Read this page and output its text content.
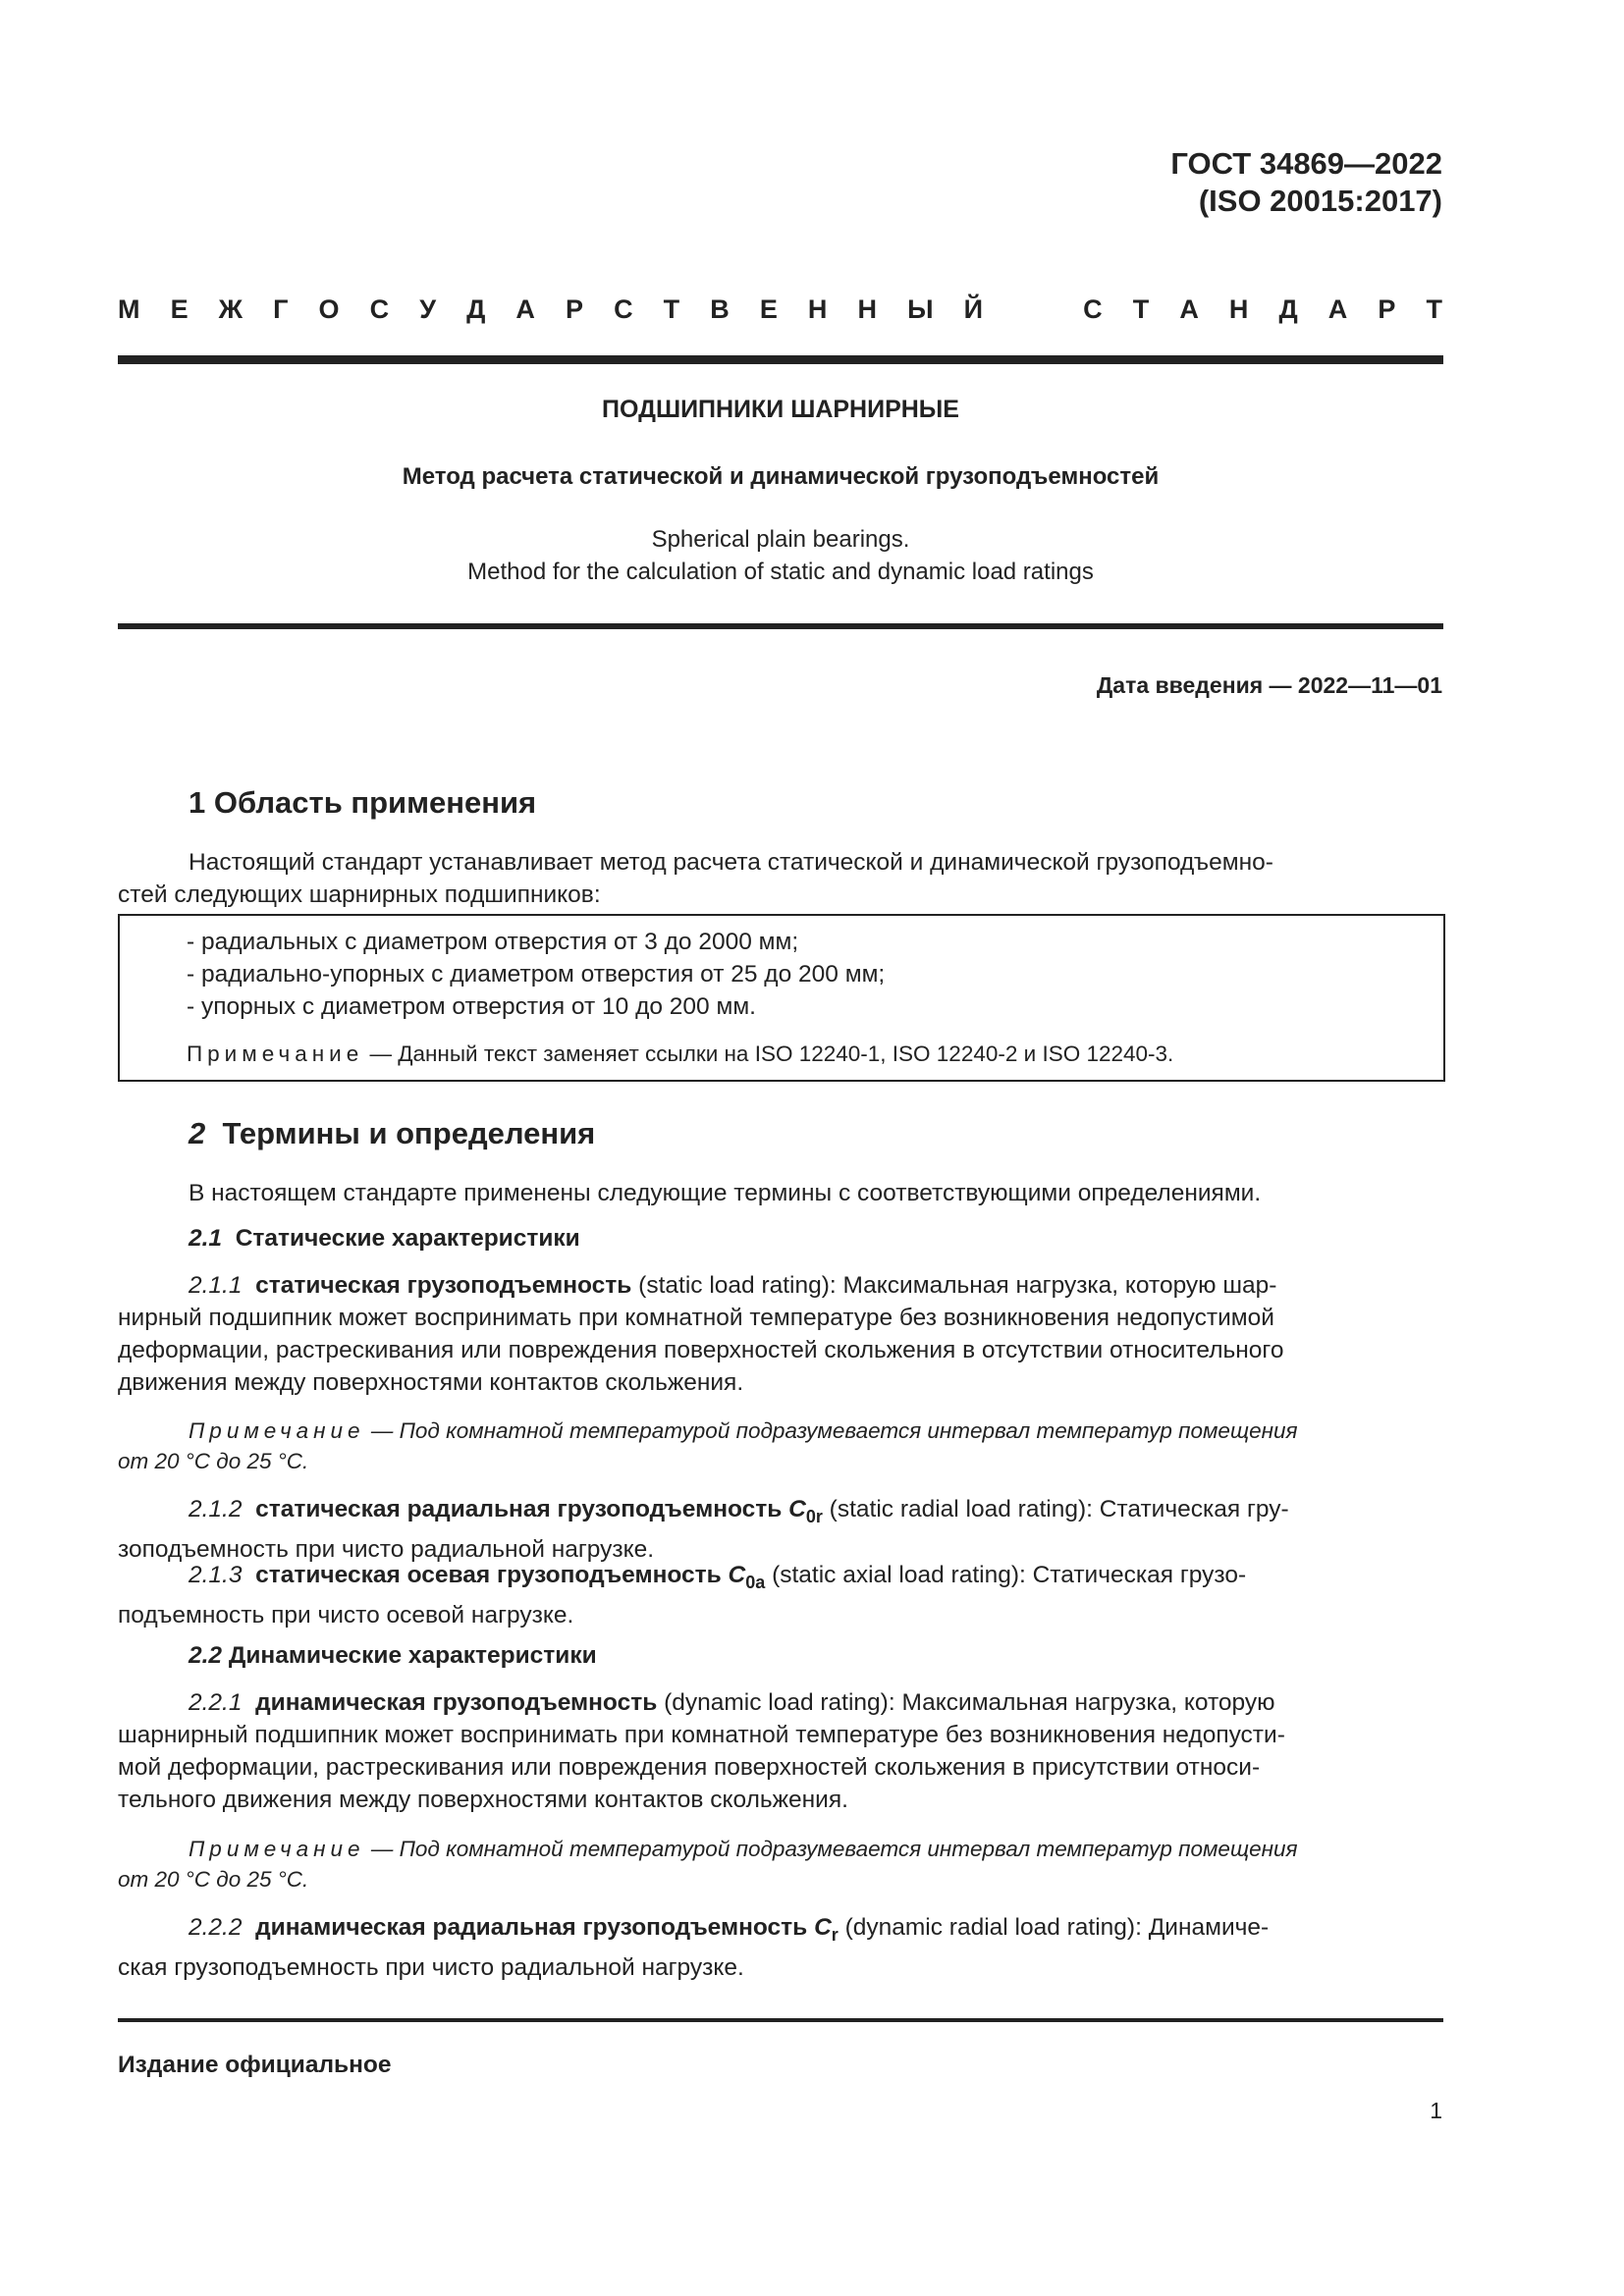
ГОСТ 34869—2022
(ISO 20015:2017)
М Е Ж Г О С У Д А Р С Т В Е Н Н Ы Й	С Т А Н Д А Р Т
ПОДШИПНИКИ ШАРНИРНЫЕ
Метод расчета статической и динамической грузоподъемностей
Spherical plain bearings.
Method for the calculation of static and dynamic load ratings
Дата введения — 2022—11—01
1 Область применения
Настоящий стандарт устанавливает метод расчета статической и динамической грузоподъемно-
стей следующих шарнирных подшипников:
- радиальных с диаметром отверстия от 3 до 2000 мм;
- радиально-упорных с диаметром отверстия от 25 до 200 мм;
- упорных с диаметром отверстия от 10 до 200 мм.
Примечание — Данный текст заменяет ссылки на ISO 12240-1, ISO 12240-2 и ISO 12240-3.
2 Термины и определения
В настоящем стандарте применены следующие термины с соответствующими определениями.
2.1 Статические характеристики
2.1.1 статическая грузоподъемность (static load rating): Максимальная нагрузка, которую шар-
нирный подшипник может воспринимать при комнатной температуре без возникновения недопустимой
деформации, растрескивания или повреждения поверхностей скольжения в отсутствии относительного
движения между поверхностями контактов скольжения.
Примечание — Под комнатной температурой подразумевается интервал температур помещения
от 20 °С до 25 °С.
2.1.2 статическая радиальная грузоподъемность $C_{0r}$ (static radial load rating): Статическая гру-
зоподъемность при чисто радиальной нагрузке.
2.1.3 статическая осевая грузоподъемность $C_{0a}$ (static axial load rating): Статическая грузо-
подъемность при чисто осевой нагрузке.
2.2 Динамические характеристики
2.2.1 динамическая грузоподъемность (dynamic load rating): Максимальная нагрузка, которую
шарнирный подшипник может воспринимать при комнатной температуре без возникновения недопусти-
мой деформации, растрескивания или повреждения поверхностей скольжения в присутствии относи-
тельного движения между поверхностями контактов скольжения.
Примечание — Под комнатной температурой подразумевается интервал температур помещения
от 20 °С до 25 °С.
2.2.2 динамическая радиальная грузоподъемность $C_r$ (dynamic radial load rating): Динамиче-
ская грузоподъемность при чисто радиальной нагрузке.
Издание официальное
1
